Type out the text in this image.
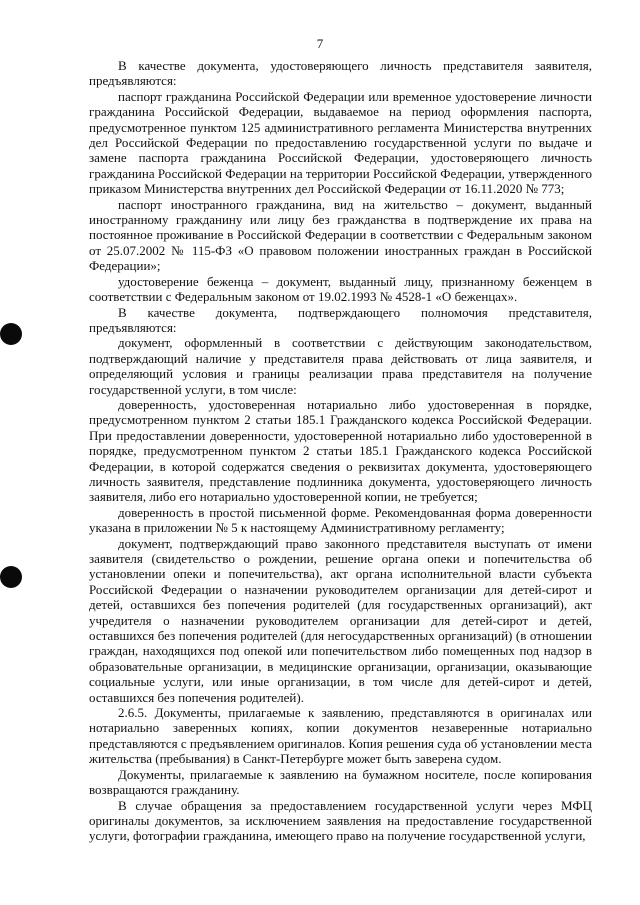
7

В качестве документа, удостоверяющего личность представителя заявителя, предъявляются:

паспорт гражданина Российской Федерации или временное удостоверение личности гражданина Российской Федерации, выдаваемое на период оформления паспорта, предусмотренное пунктом 125 административного регламента Министерства внутренних дел Российской Федерации по предоставлению государственной услуги по выдаче и замене паспорта гражданина Российской Федерации, удостоверяющего личность гражданина Российской Федерации на территории Российской Федерации, утвержденного приказом Министерства внутренних дел Российской Федерации от 16.11.2020 № 773;

паспорт иностранного гражданина, вид на жительство – документ, выданный иностранному гражданину или лицу без гражданства в подтверждение их права на постоянное проживание в Российской Федерации в соответствии с Федеральным законом от 25.07.2002 № 115-ФЗ «О правовом положении иностранных граждан в Российской Федерации»;

удостоверение беженца – документ, выданный лицу, признанному беженцем в соответствии с Федеральным законом от 19.02.1993 № 4528-1 «О беженцах».

В качестве документа, подтверждающего полномочия представителя, предъявляются:

документ, оформленный в соответствии с действующим законодательством, подтверждающий наличие у представителя права действовать от лица заявителя, и определяющий условия и границы реализации права представителя на получение государственной услуги, в том числе:

доверенность, удостоверенная нотариально либо удостоверенная в порядке, предусмотренном пунктом 2 статьи 185.1 Гражданского кодекса Российской Федерации. При предоставлении доверенности, удостоверенной нотариально либо удостоверенной в порядке, предусмотренном пунктом 2 статьи 185.1 Гражданского кодекса Российской Федерации, в которой содержатся сведения о реквизитах документа, удостоверяющего личность заявителя, представление подлинника документа, удостоверяющего личность заявителя, либо его нотариально удостоверенной копии, не требуется;

доверенность в простой письменной форме. Рекомендованная форма доверенности указана в приложении № 5 к настоящему Административному регламенту;

документ, подтверждающий право законного представителя выступать от имени заявителя (свидетельство о рождении, решение органа опеки и попечительства об установлении опеки и попечительства), акт органа исполнительной власти субъекта Российской Федерации о назначении руководителем организации для детей-сирот и детей, оставшихся без попечения родителей (для государственных организаций), акт учредителя о назначении руководителем организации для детей-сирот и детей, оставшихся без попечения родителей (для негосударственных организаций) (в отношении граждан, находящихся под опекой или попечительством либо помещенных под надзор в образовательные организации, в медицинские организации, организации, оказывающие социальные услуги, или иные организации, в том числе для детей-сирот и детей, оставшихся без попечения родителей).

2.6.5. Документы, прилагаемые к заявлению, представляются в оригиналах или нотариально заверенных копиях, копии документов незаверенные нотариально представляются с предъявлением оригиналов. Копия решения суда об установлении места жительства (пребывания) в Санкт-Петербурге может быть заверена судом.

Документы, прилагаемые к заявлению на бумажном носителе, после копирования возвращаются гражданину.

В случае обращения за предоставлением государственной услуги через МФЦ оригиналы документов, за исключением заявления на предоставление государственной услуги, фотографии гражданина, имеющего право на получение государственной услуги,
